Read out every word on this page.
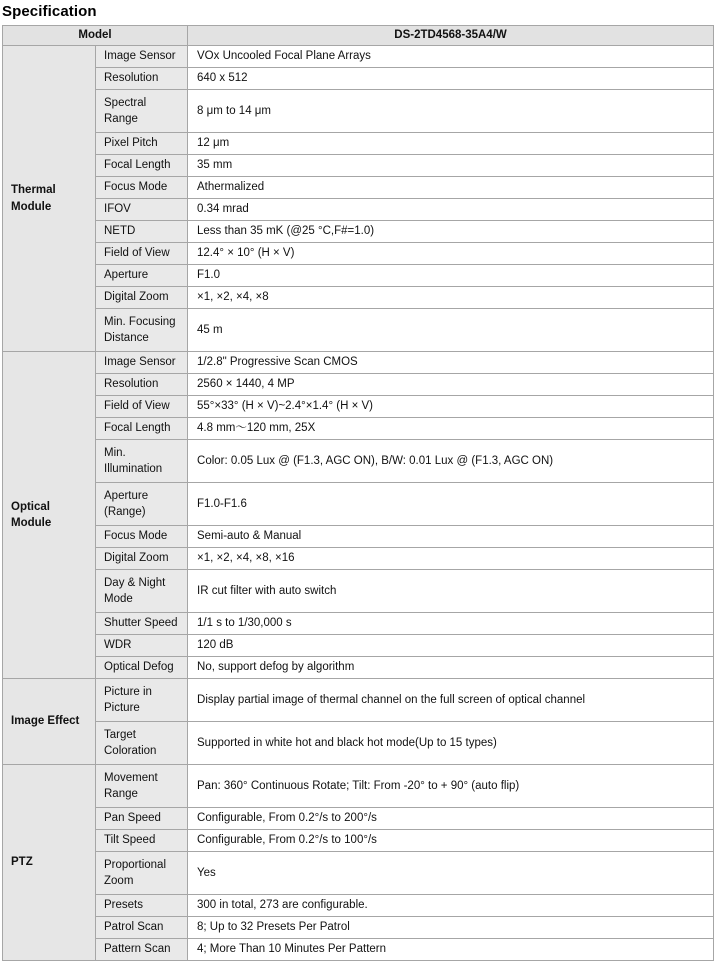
Specification
Model		DS-2TD4568-35A4/W
Thermal Module	Image Sensor	VOx Uncooled Focal Plane Arrays
	Resolution	640 x 512
	Spectral Range	8 μm to 14 μm
	Pixel Pitch	12 μm
	Focal Length	35 mm
	Focus Mode	Athermalized
	IFOV	0.34 mrad
	NETD	Less than 35 mK (@25 °C,F#=1.0)
	Field of View	12.4° × 10° (H × V)
	Aperture	F1.0
	Digital Zoom	×1, ×2, ×4, ×8
	Min. Focusing Distance	45 m
Optical Module	Image Sensor	1/2.8" Progressive Scan CMOS
	Resolution	2560 × 1440, 4 MP
	Field of View	55°×33° (H × V)~2.4°×1.4° (H × V)
	Focal Length	4.8 mm～120 mm, 25X
	Min. Illumination	Color: 0.05 Lux @ (F1.3, AGC ON), B/W: 0.01 Lux @ (F1.3, AGC ON)
	Aperture (Range)	F1.0-F1.6
	Focus Mode	Semi-auto & Manual
	Digital Zoom	×1, ×2, ×4, ×8, ×16
	Day & Night Mode	IR cut filter with auto switch
	Shutter Speed	1/1 s to 1/30,000 s
	WDR	120 dB
	Optical Defog	No, support defog by algorithm
Image Effect	Picture in Picture	Display partial image of thermal channel on the full screen of optical channel
	Target Coloration	Supported in white hot and black hot mode(Up to 15 types)
PTZ	Movement Range	Pan: 360° Continuous Rotate; Tilt: From -20° to + 90° (auto flip)
	Pan Speed	Configurable, From 0.2°/s to 200°/s
	Tilt Speed	Configurable, From 0.2°/s to 100°/s
	Proportional Zoom	Yes
	Presets	300 in total, 273 are configurable.
	Patrol Scan	8; Up to 32 Presets Per Patrol
	Pattern Scan	4; More Than 10 Minutes Per Pattern
